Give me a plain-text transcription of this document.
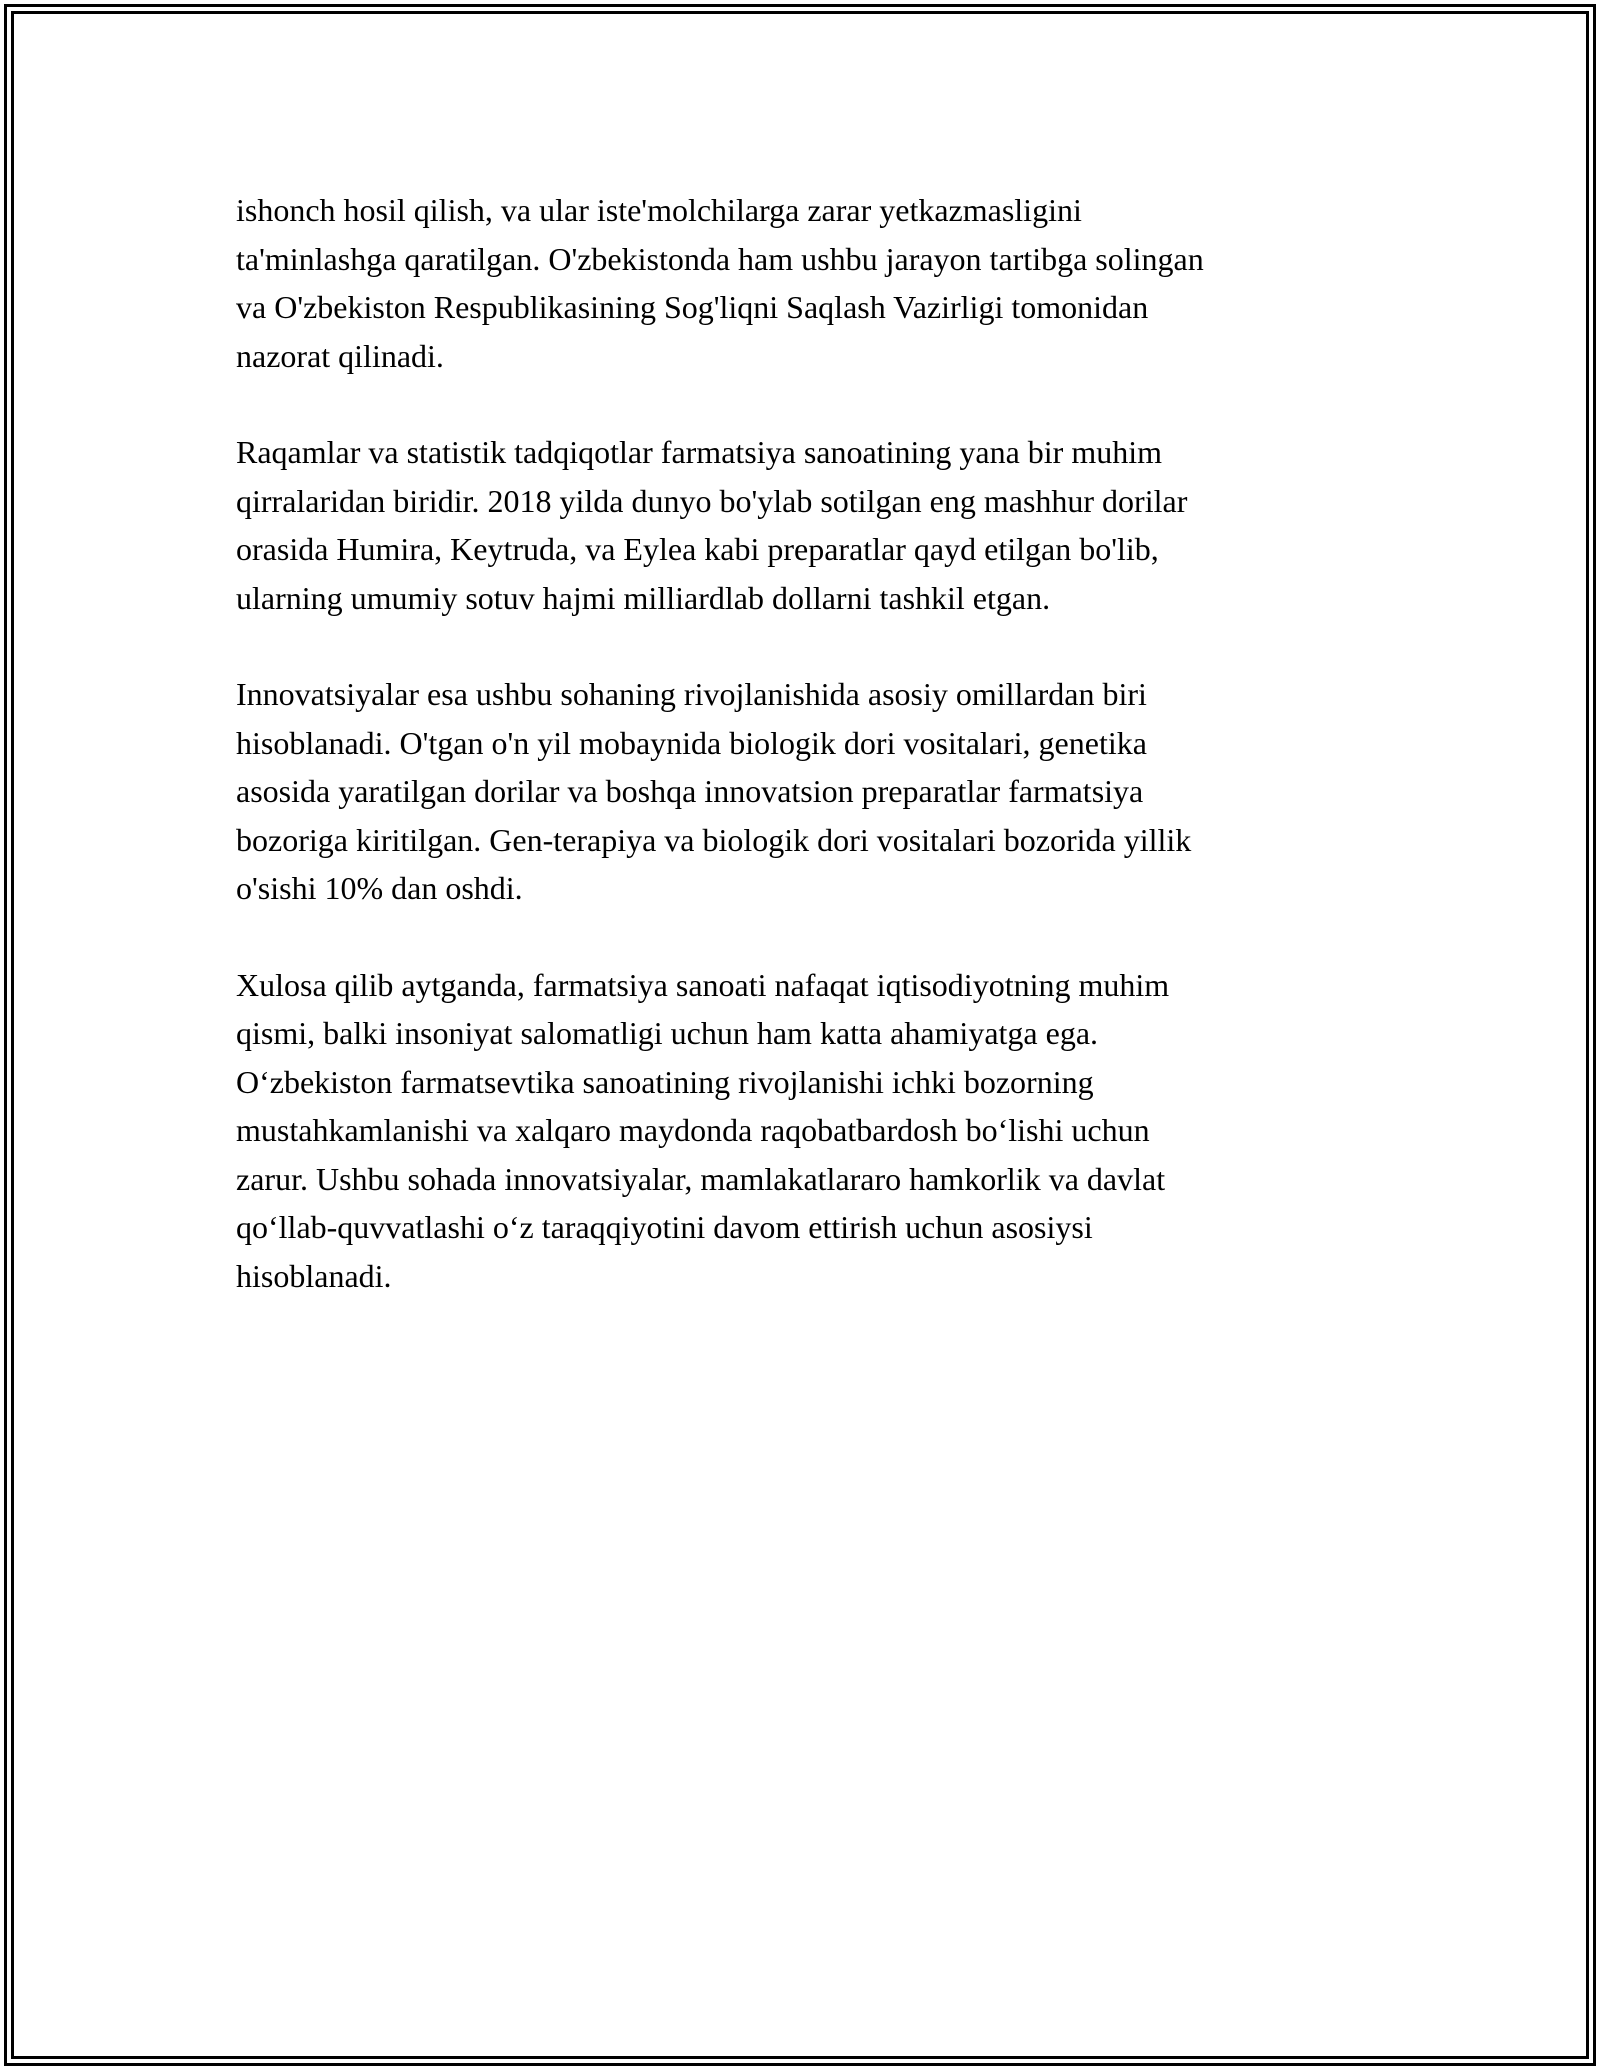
ishonch hosil qilish, va ular iste'molchilarga zarar yetkazmasligini
ta'minlashga qaratilgan. O'zbekistonda ham ushbu jarayon tartibga solingan
va O'zbekiston Respublikasining Sog'liqni Saqlash Vazirligi tomonidan
nazorat qilinadi.

Raqamlar va statistik tadqiqotlar farmatsiya sanoatining yana bir muhim
qirralaridan biridir. 2018 yilda dunyo bo'ylab sotilgan eng mashhur dorilar
orasida Humira, Keytruda, va Eylea kabi preparatlar qayd etilgan bo'lib,
ularning umumiy sotuv hajmi milliardlab dollarni tashkil etgan.

Innovatsiyalar esa ushbu sohaning rivojlanishida asosiy omillardan biri
hisoblanadi. O'tgan o'n yil mobaynida biologik dori vositalari, genetika
asosida yaratilgan dorilar va boshqa innovatsion preparatlar farmatsiya
bozoriga kiritilgan. Gen-terapiya va biologik dori vositalari bozorida yillik
o'sishi 10% dan oshdi.

Xulosa qilib aytganda, farmatsiya sanoati nafaqat iqtisodiyotning muhim
qismi, balki insoniyat salomatligi uchun ham katta ahamiyatga ega.
O‘zbekiston farmatsevtika sanoatining rivojlanishi ichki bozorning
mustahkamlanishi va xalqaro maydonda raqobatbardosh bo‘lishi uchun
zarur. Ushbu sohada innovatsiyalar, mamlakatlararo hamkorlik va davlat
qo‘llab-quvvatlashi o‘z taraqqiyotini davom ettirish uchun asosiysi
hisoblanadi.
